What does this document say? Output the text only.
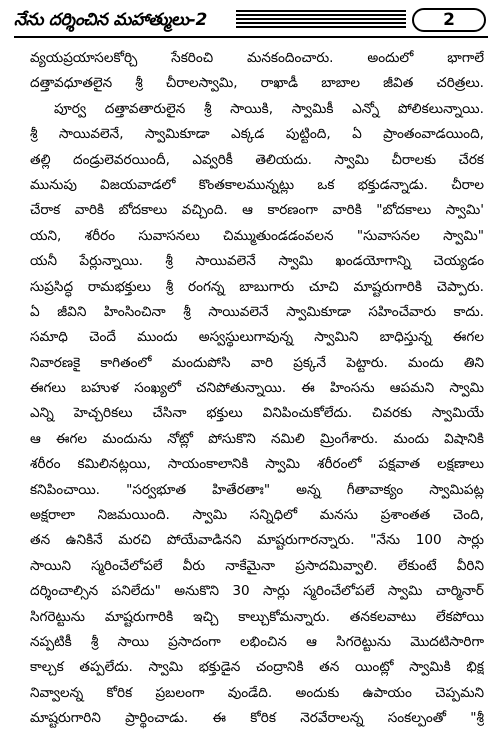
నేను దర్శించిన మహాత్ములు-2	2
వ్యయప్రయాసలకోర్చి సేకరించి మనకందించారు. అందులో భాగాలే
దత్తావధూతలైన శ్రీ చీరాలస్వామి, రాఖాడీ బాబాల జీవిత చరిత్రలు.
పూర్వ దత్తావతారులైన శ్రీ సాయికి, స్వామికీ ఎన్నో పోలికలున్నాయి.
శ్రీ సాయివలెనే, స్వామికూడా ఎక్కడ పుట్టింది, ఏ ప్రాంతంవాడయింది,
తల్లి దండ్రులెవరయిందీ, ఎవ్వరికీ తెలియదు. స్వామి చీరాలకు చేరక
మునుపు విజయవాడలో కొంతకాలమున్నట్లు ఒక భక్తుడన్నాడు. చీరాల
చేరాక వారికి బోదకాలు వచ్చింది. ఆ కారణంగా వారికి "బోదకాలు స్వామి'
యని, శరీరం సువాసనలు చిమ్ముతుండడంవలన "సువాసనల స్వామి"
యనీ పేర్లున్నాయి. శ్రీ సాయివలెనే స్వామి ఖండయోగాన్ని చెయ్యడం
సుప్రసిద్ధ రామభక్తులు శ్రీ రంగన్న బాబుగారు చూచి మాష్టరుగారికి చెప్పారు.
ఏ జీవిని హింసించినా శ్రీ సాయివలెనే స్వామికూడా సహించేవారు కాదు.
సమాధి చెందే ముందు అస్వస్థులుగావున్న స్వామిని బాధిస్తున్న ఈగల
నివారణకై కాగితంలో మందుపోసి వారి ప్రక్కనే పెట్టారు. మందు తిని
ఈగలు బహుళ సంఖ్యలో చనిపోతున్నాయి. ఈ హింసను ఆపమని స్వామి
ఎన్ని హెచ్చరికలు చేసినా భక్తులు వినిపించుకోలేదు. చివరకు స్వామియే
ఆ ఈగల మందును నోట్లో పోసుకొని నమిలి మ్రింగేశారు. మందు విషానికి
శరీరం కమిలినట్లయి, సాయంకాలానికి స్వామి శరీరంలో పక్షవాత లక్షణాలు
కనిపించాయి. "సర్వభూత హితేరతాః" అన్న గీతావాక్యం స్వామిపట్ల
అక్షరాలా నిజమయింది. స్వామి సన్నిధిలో మనసు ప్రశాంతత చెంది,
తన ఉనికినే మరచి పోయేవాడినని మాష్టరుగారన్నారు. "నేను 100 సార్లు
సాయిని స్మరించేలోపలే వీరు నాకేమైనా ప్రసాదమివ్వాలి. లేకుంటే వీరిని
దర్శించాల్సిన పనిలేదు" అనుకొని 30 సార్లు స్మరించేలోపలే స్వామి చార్మినార్
సిగరెట్టును మాష్టరుగారికి ఇచ్చి కాల్చుకోమన్నారు. తనకలవాటు లేకపోయి
నప్పటికీ శ్రీ సాయి ప్రసాదంగా లభించిన ఆ సిగరెట్టును మొదటిసారిగా
కాల్చక తప్పలేదు. స్వామి భక్తుడైన చంద్రానికి తన యింట్లో స్వామికి భిక్ష
నివ్వాలన్న కోరిక ప్రబలంగా వుండేది. అందుకు ఉపాయం చెప్పమని
మాష్టరుగారిని ప్రార్థించాడు. ఈ కోరిక నెరవేరాలన్న సంకల్పంతో "శ్రీ
